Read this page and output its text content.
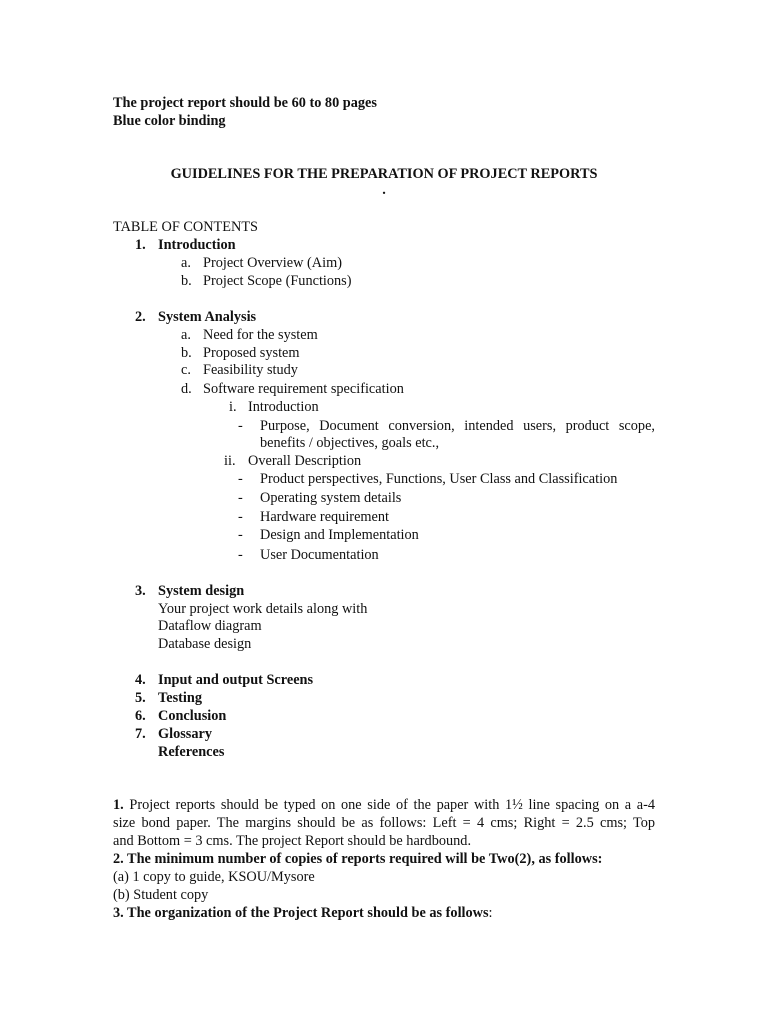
The project report should be 60 to 80 pages
Blue color binding
GUIDELINES FOR THE PREPARATION OF PROJECT REPORTS
.
TABLE OF CONTENTS
1. Introduction
a. Project Overview (Aim)
b. Project Scope (Functions)
2. System Analysis
a. Need for the system
b. Proposed system
c. Feasibility study
d. Software requirement specification
i. Introduction
- Purpose, Document conversion, intended users, product scope,
benefits / objectives, goals etc.,
ii. Overall Description
- Product perspectives, Functions, User Class and Classification
- Operating system details
- Hardware requirement
- Design and Implementation
- User Documentation
3. System design
Your project work details along with
Dataflow diagram
Database design
4. Input and output Screens
5. Testing
6. Conclusion
7. Glossary
References
1. Project reports should be typed on one side of the paper with 1½ line spacing on a a-4
size bond paper. The margins should be as follows: Left = 4 cms; Right = 2.5 cms; Top
and Bottom = 3 cms. The project Report should be hardbound.
2. The minimum number of copies of reports required will be Two(2), as follows:
(a) 1 copy to guide, KSOU/Mysore
(b) Student copy
3. The organization of the Project Report should be as follows:
